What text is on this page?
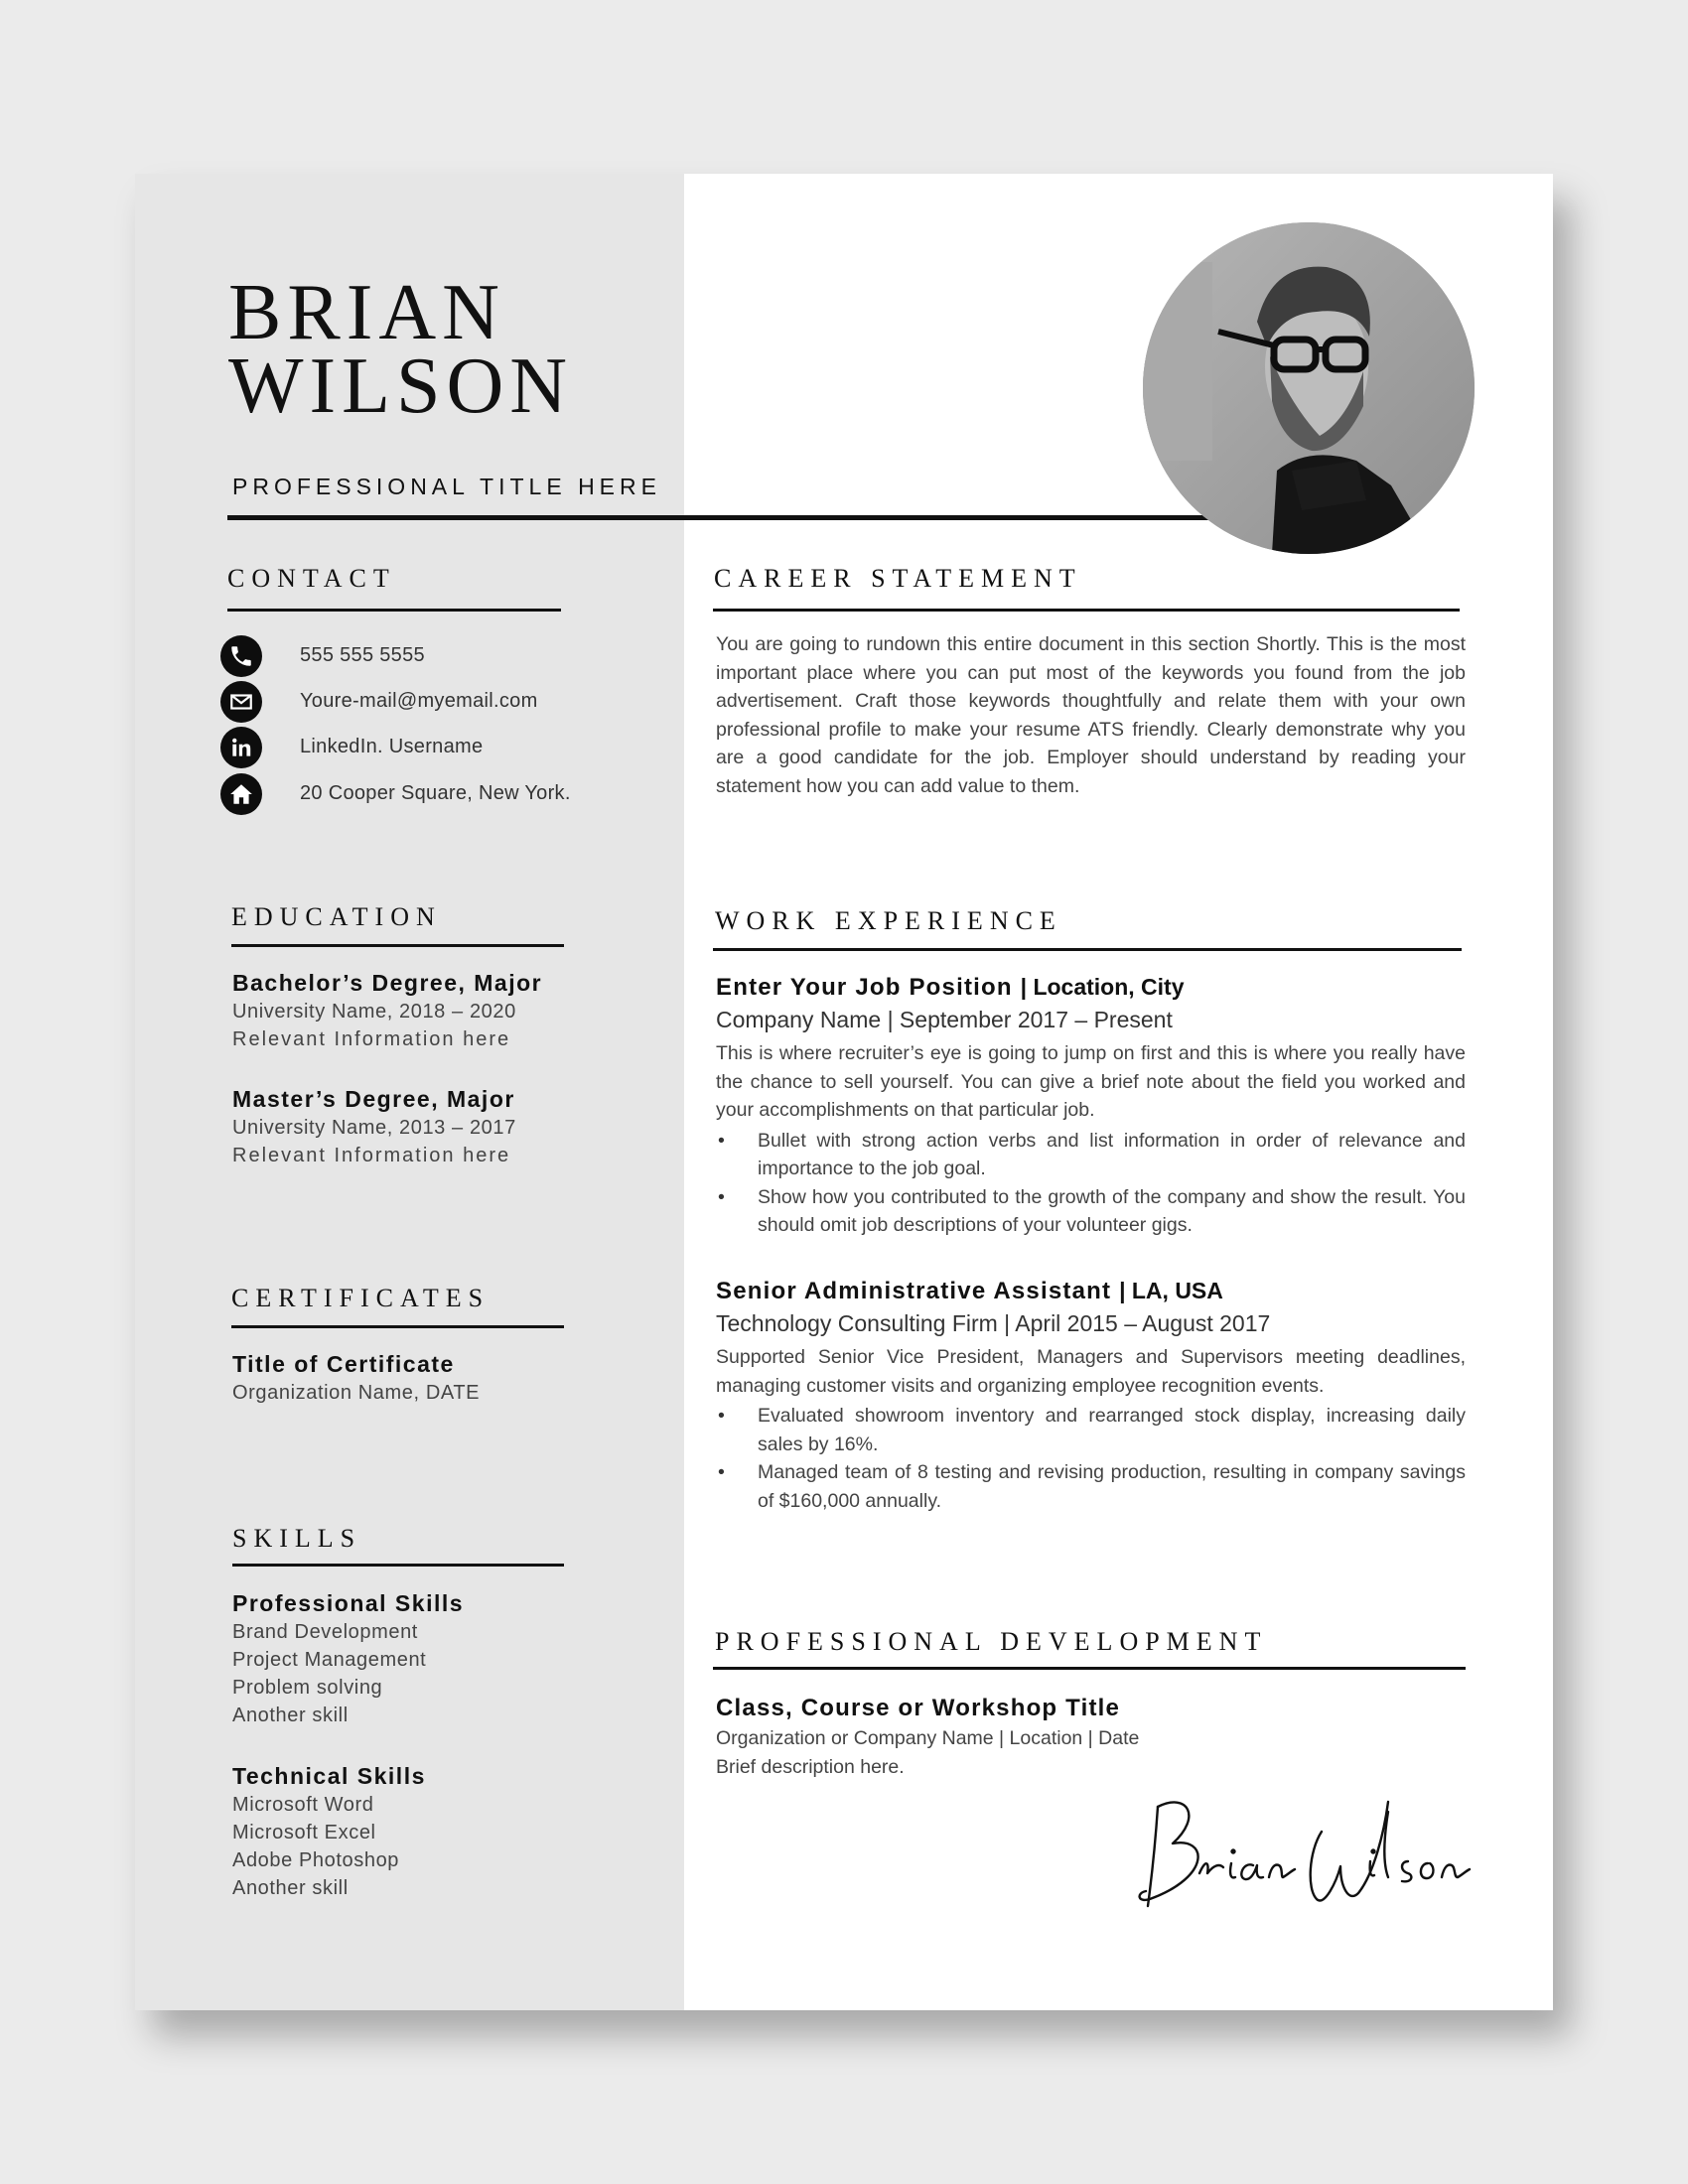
BRIAN
WILSON
PROFESSIONAL TITLE HERE
CONTACT
555 555 5555
Youre-mail@myemail.com
LinkedIn. Username
20 Cooper Square, New York.
EDUCATION
Bachelor’s Degree, Major
University Name, 2018 – 2020
Relevant Information here
Master’s Degree, Major
University Name, 2013 – 2017
Relevant Information here
CERTIFICATES
Title of Certificate
Organization Name, DATE
SKILLS
Professional Skills
Brand Development
Project Management
Problem solving
Another skill
Technical Skills
Microsoft Word
Microsoft Excel
Adobe Photoshop
Another skill
CAREER STATEMENT

You are going to rundown this entire document in this section Shortly. This is the most important place where you can put most of the keywords you found from the job advertisement. Craft those keywords thoughtfully and relate them with your own professional profile to make your resume ATS friendly. Clearly demonstrate why you are a good candidate for the job. Employer should understand by reading your statement how you can add value to them.

WORK EXPERIENCE
Enter Your Job Position | Location, City
Company Name | September 2017 – Present

This is where recruiter’s eye is going to jump on first and this is where you really have the chance to sell yourself. You can give a brief note about the field you worked and your accomplishments on that particular job.

• Bullet with strong action verbs and list information in order of relevance and importance to the job goal.
• Show how you contributed to the growth of the company and show the result. You should omit job descriptions of your volunteer gigs.
Senior Administrative Assistant | LA, USA
Technology Consulting Firm | April 2015 – August 2017

Supported Senior Vice President, Managers and Supervisors meeting deadlines, managing customer visits and organizing employee recognition events.

• Evaluated showroom inventory and rearranged stock display, increasing daily sales by 16%.
• Managed team of 8 testing and revising production, resulting in company savings of $160,000 annually.
PROFESSIONAL DEVELOPMENT
Class, Course or Workshop Title
Organization or Company Name | Location | Date
Brief description here.
